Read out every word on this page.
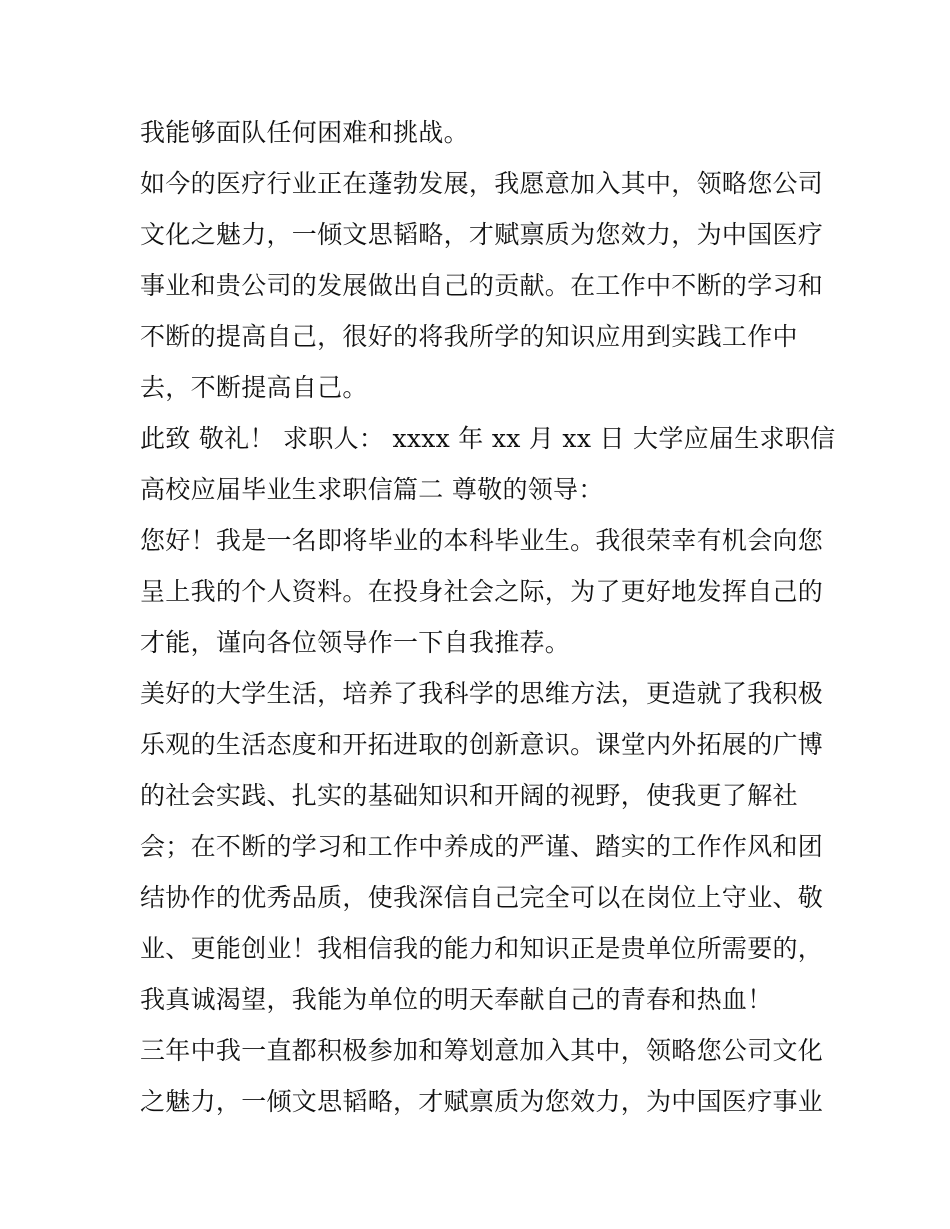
我能够面队任何困难和挑战。
如今的医疗行业正在蓬勃发展，我愿意加入其中，领略您公司
文化之魅力，一倾文思韬略，才赋禀质为您效力，为中国医疗
事业和贵公司的发展做出自己的贡献。在工作中不断的学习和
不断的提高自己，很好的将我所学的知识应用到实践工作中
去，不断提高自己。
此致 敬礼！ 求职人： xxxx 年 xx 月 xx 日 大学应届生求职信
高校应届毕业生求职信篇二 尊敬的领导：
您好！我是一名即将毕业的本科毕业生。我很荣幸有机会向您
呈上我的个人资料。在投身社会之际，为了更好地发挥自己的
才能，谨向各位领导作一下自我推荐。
美好的大学生活，培养了我科学的思维方法，更造就了我积极
乐观的生活态度和开拓进取的创新意识。课堂内外拓展的广博
的社会实践、扎实的基础知识和开阔的视野，使我更了解社
会；在不断的学习和工作中养成的严谨、踏实的工作作风和团
结协作的优秀品质，使我深信自己完全可以在岗位上守业、敬
业、更能创业！我相信我的能力和知识正是贵单位所需要的，
我真诚渴望，我能为单位的明天奉献自己的青春和热血！
三年中我一直都积极参加和筹划意加入其中，领略您公司文化
之魅力，一倾文思韬略，才赋禀质为您效力，为中国医疗事业
